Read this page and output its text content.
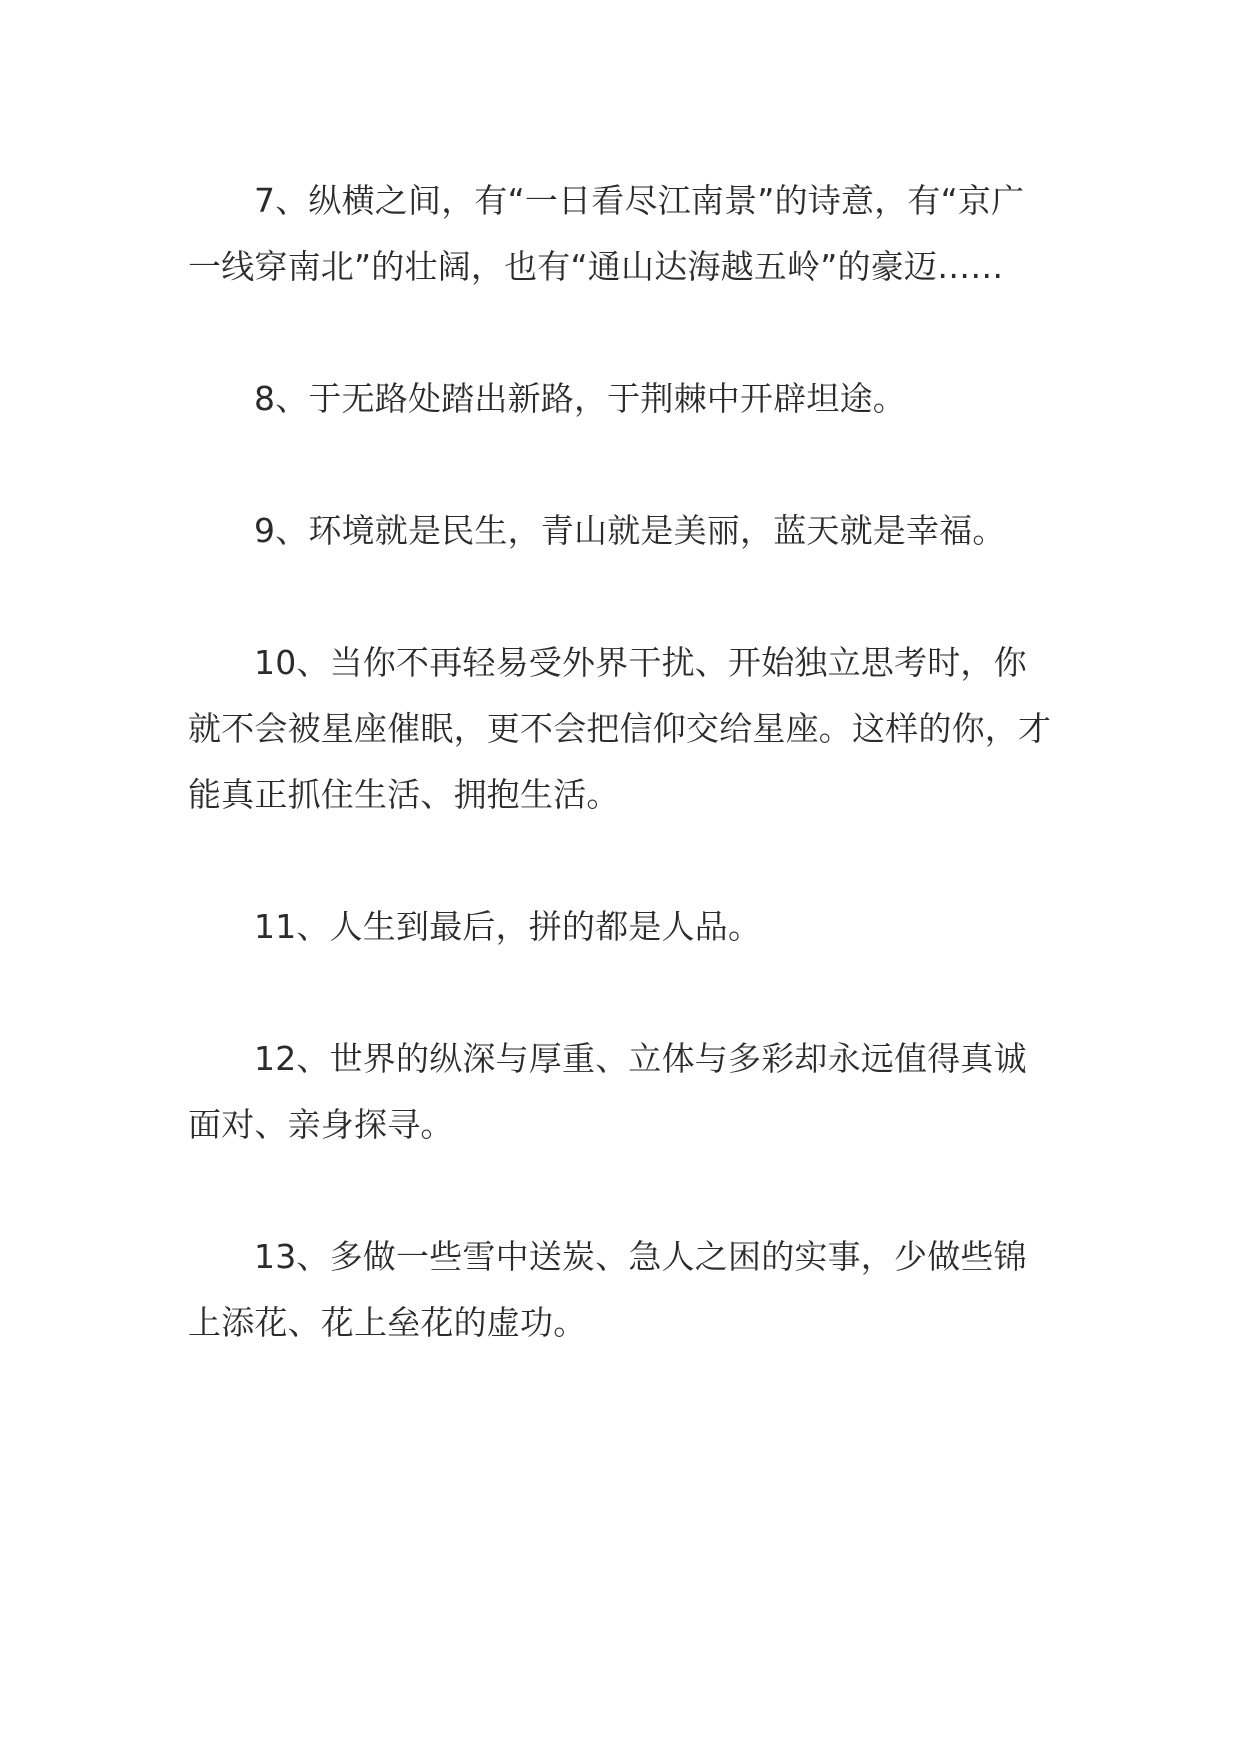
7、纵横之间，有“一日看尽江南景”的诗意，有“京广一线穿南北”的壮阔，也有“通山达海越五岭”的豪迈……

8、于无路处踏出新路，于荆棘中开辟坦途。

9、环境就是民生，青山就是美丽，蓝天就是幸福。

10、当你不再轻易受外界干扰、开始独立思考时，你就不会被星座催眠，更不会把信仰交给星座。这样的你，才能真正抓住生活、拥抱生活。

11、人生到最后，拼的都是人品。

12、世界的纵深与厚重、立体与多彩却永远值得真诚面对、亲身探寻。

13、多做一些雪中送炭、急人之困的实事，少做些锦上添花、花上垒花的虚功。
